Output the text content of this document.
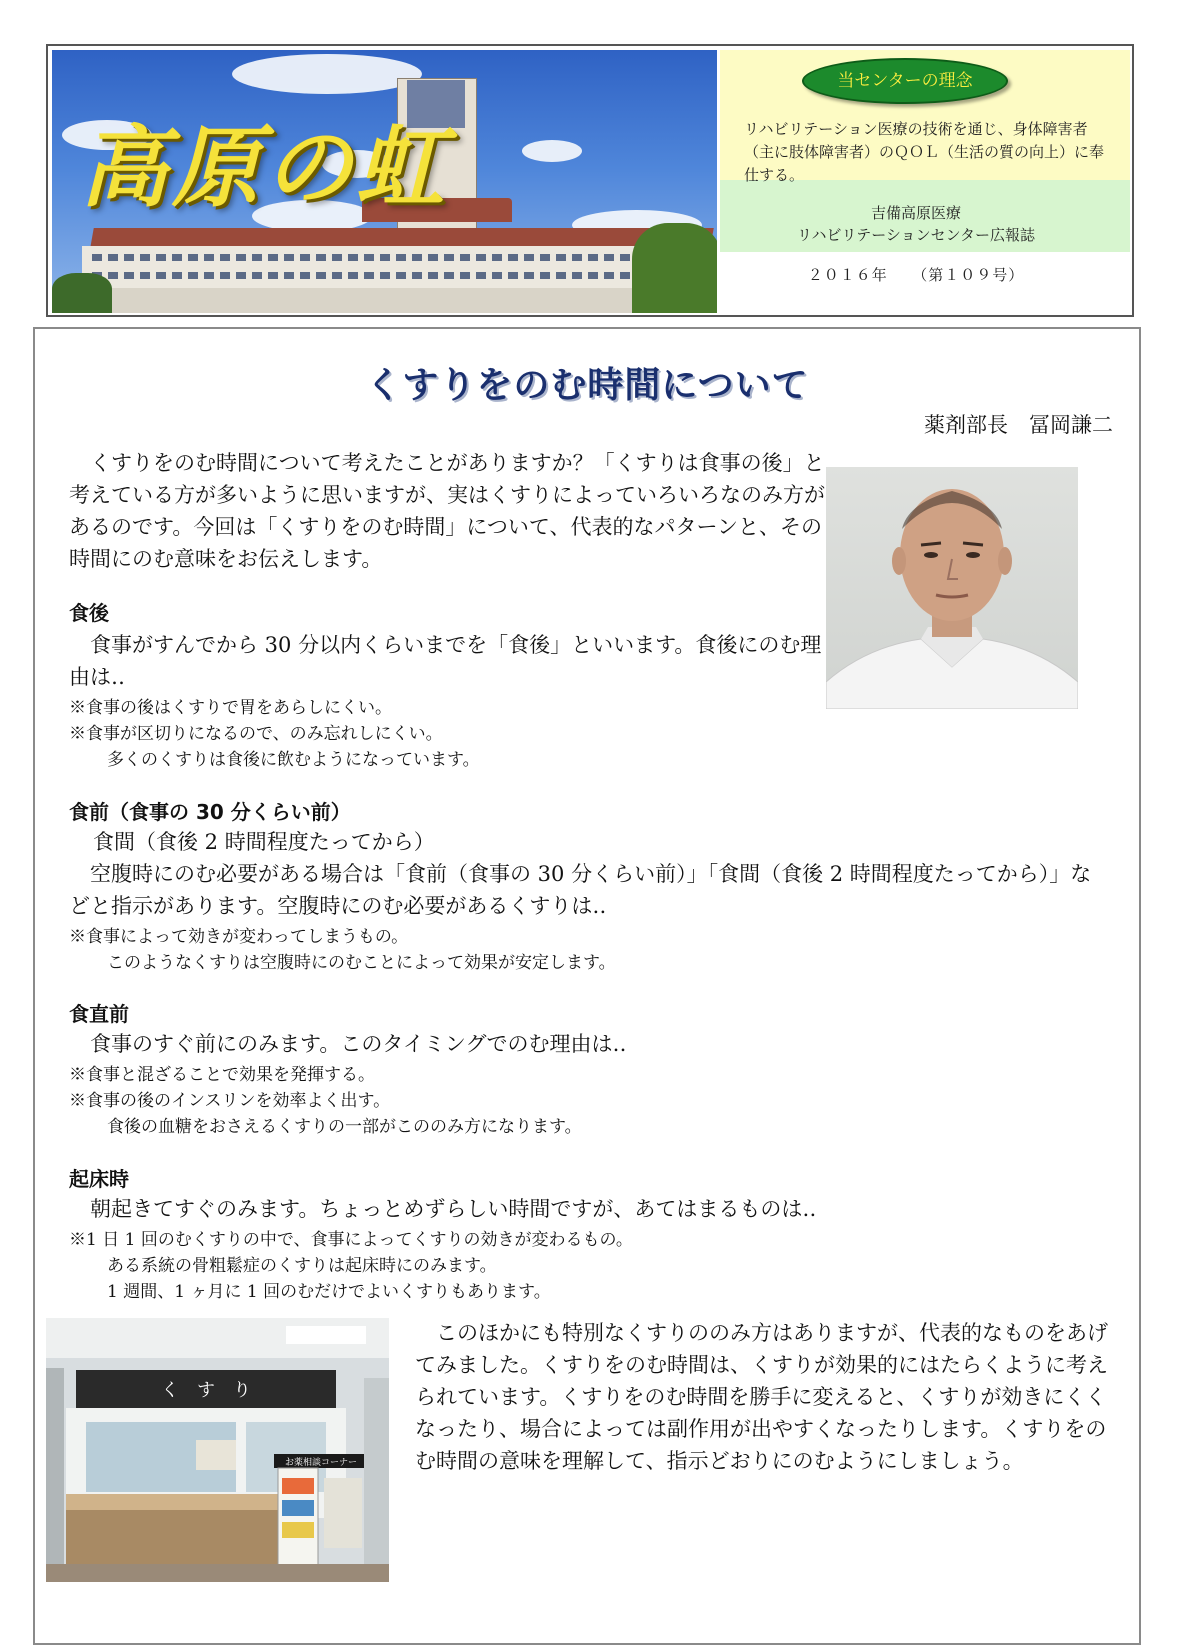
高原の虹
当センターの理念
リハビリテーション医療の技術を通じ、身体障害者（主に肢体障害者）のＱＯＬ（生活の質の向上）に奉仕する。
吉備高原医療
リハビリテーションセンター広報誌
２０１６年　　（第１０９号）
くすりをのむ時間について
薬剤部長　冨岡謙二
くすりをのむ時間について考えたことがありますか？「くすりは食事の後」と考えている方が多いように思いますが、実はくすりによっていろいろなのみ方があるのです。今回は「くすりをのむ時間」について、代表的なパターンと、その時間にのむ意味をお伝えします。
食後
食事がすんでから 30 分以内くらいまでを「食後」といいます。食後にのむ理由は‥
※食事の後はくすりで胃をあらしにくい。
※食事が区切りになるので、のみ忘れしにくい。
多くのくすりは食後に飲むようになっています。
食前（食事の 30 分くらい前）
食間（食後 2 時間程度たってから）
空腹時にのむ必要がある場合は「食前（食事の 30 分くらい前）」「食間（食後 2 時間程度たってから）」などと指示があります。空腹時にのむ必要があるくすりは‥
※食事によって効きが変わってしまうもの。
このようなくすりは空腹時にのむことによって効果が安定します。
食直前
食事のすぐ前にのみます。このタイミングでのむ理由は‥
※食事と混ざることで効果を発揮する。
※食事の後のインスリンを効率よく出す。
食後の血糖をおさえるくすりの一部がこののみ方になります。
起床時
朝起きてすぐのみます。ちょっとめずらしい時間ですが、あてはまるものは‥
※1 日 1 回のむくすりの中で、食事によってくすりの効きが変わるもの。
ある系統の骨粗鬆症のくすりは起床時にのみます。
1 週間、1 ヶ月に 1 回のむだけでよいくすりもあります。
このほかにも特別なくすりののみ方はありますが、代表的なものをあげてみました。くすりをのむ時間は、くすりが効果的にはたらくように考えられています。くすりをのむ時間を勝手に変えると、くすりが効きにくくなったり、場合によっては副作用が出やすくなったりします。くすりをのむ時間の意味を理解して、指示どおりにのむようにしましょう。
く　す　り
お薬相談コーナー
